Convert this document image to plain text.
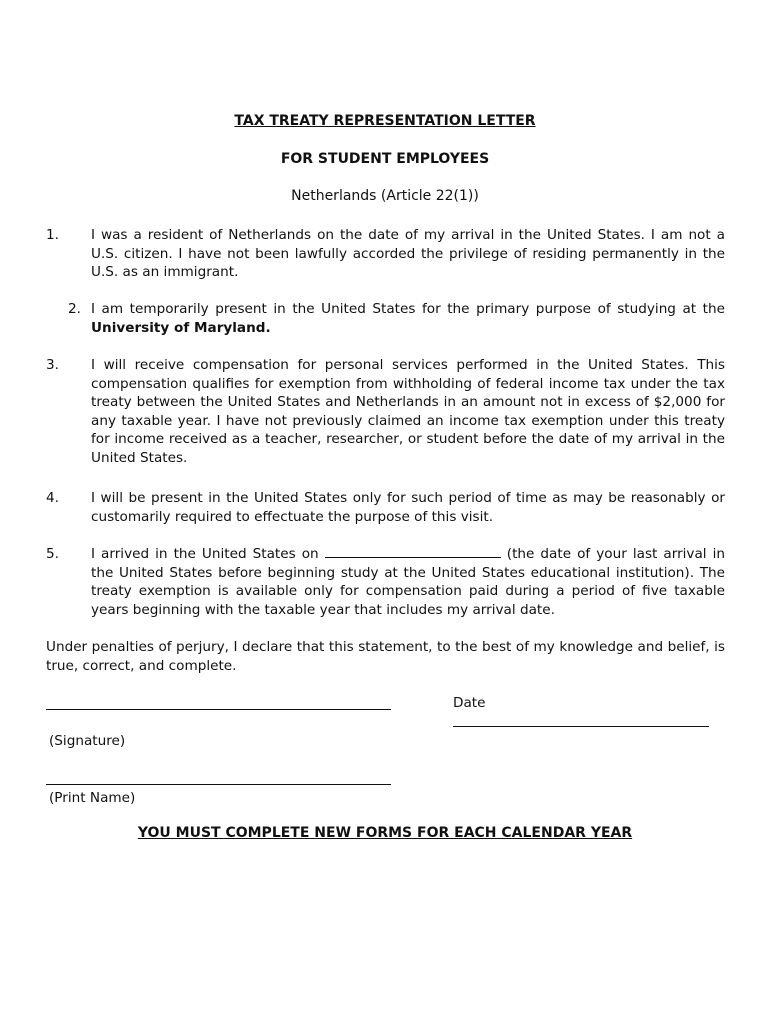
TAX TREATY REPRESENTATION LETTER
FOR STUDENT EMPLOYEES
Netherlands (Article 22(1))
1. I was a resident of Netherlands on the date of my arrival in the United States. I am not a U.S. citizen. I have not been lawfully accorded the privilege of residing permanently in the U.S. as an immigrant.
2. I am temporarily present in the United States for the primary purpose of studying at the University of Maryland.
3. I will receive compensation for personal services performed in the United States. This compensation qualifies for exemption from withholding of federal income tax under the tax treaty between the United States and Netherlands in an amount not in excess of $2,000 for any taxable year. I have not previously claimed an income tax exemption under this treaty for income received as a teacher, researcher, or student before the date of my arrival in the United States.
4. I will be present in the United States only for such period of time as may be reasonably or customarily required to effectuate the purpose of this visit.
5. I arrived in the United States on	(the date of your last arrival in the United States before beginning study at the United States educational institution). The treaty exemption is available only for compensation paid during a period of five taxable years beginning with the taxable year that includes my arrival date.
Under penalties of perjury, I declare that this statement, to the best of my knowledge and belief, is true, correct, and complete.
Date
(Signature)
(Print Name)
YOU MUST COMPLETE NEW FORMS FOR EACH CALENDAR YEAR
